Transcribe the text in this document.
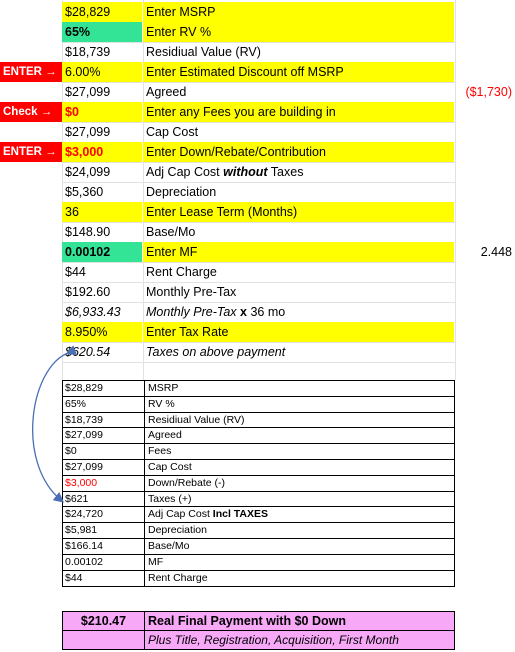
$28,829	Enter MSRP
65%	Enter RV %
$18,739	Residiual Value (RV)
ENTER → 6.00%	Enter Estimated Discount off MSRP
$27,099	Agreed	($1,730)
Check →	$0	Enter any Fees you are building in
$27,099	Cap Cost
ENTER → $3,000	Enter Down/Rebate/Contribution
$24,099	Adj Cap Cost without Taxes
$5,360	Depreciation
36	Enter Lease Term (Months)
$148.90	Base/Mo
0.00102	Enter MF	2.448
$44	Rent Charge
$192.60	Monthly Pre-Tax
$6,933.43	Monthly Pre-Tax x 36 mo
8.950%	Enter Tax Rate
$620.54	Taxes on above payment
$28,829	MSRP
65%	RV %
$18,739	Residiual Value (RV)
$27,099	Agreed
$0	Fees
$27,099	Cap Cost
$3,000	Down/Rebate (-)
$621	Taxes (+)
$24,720	Adj Cap Cost Incl TAXES
$5,981	Depreciation
$166.14	Base/Mo
0.00102	MF
$44	Rent Charge
$210.47	Real Final Payment with $0 Down
Plus Title, Registration, Acquisition, First Month
